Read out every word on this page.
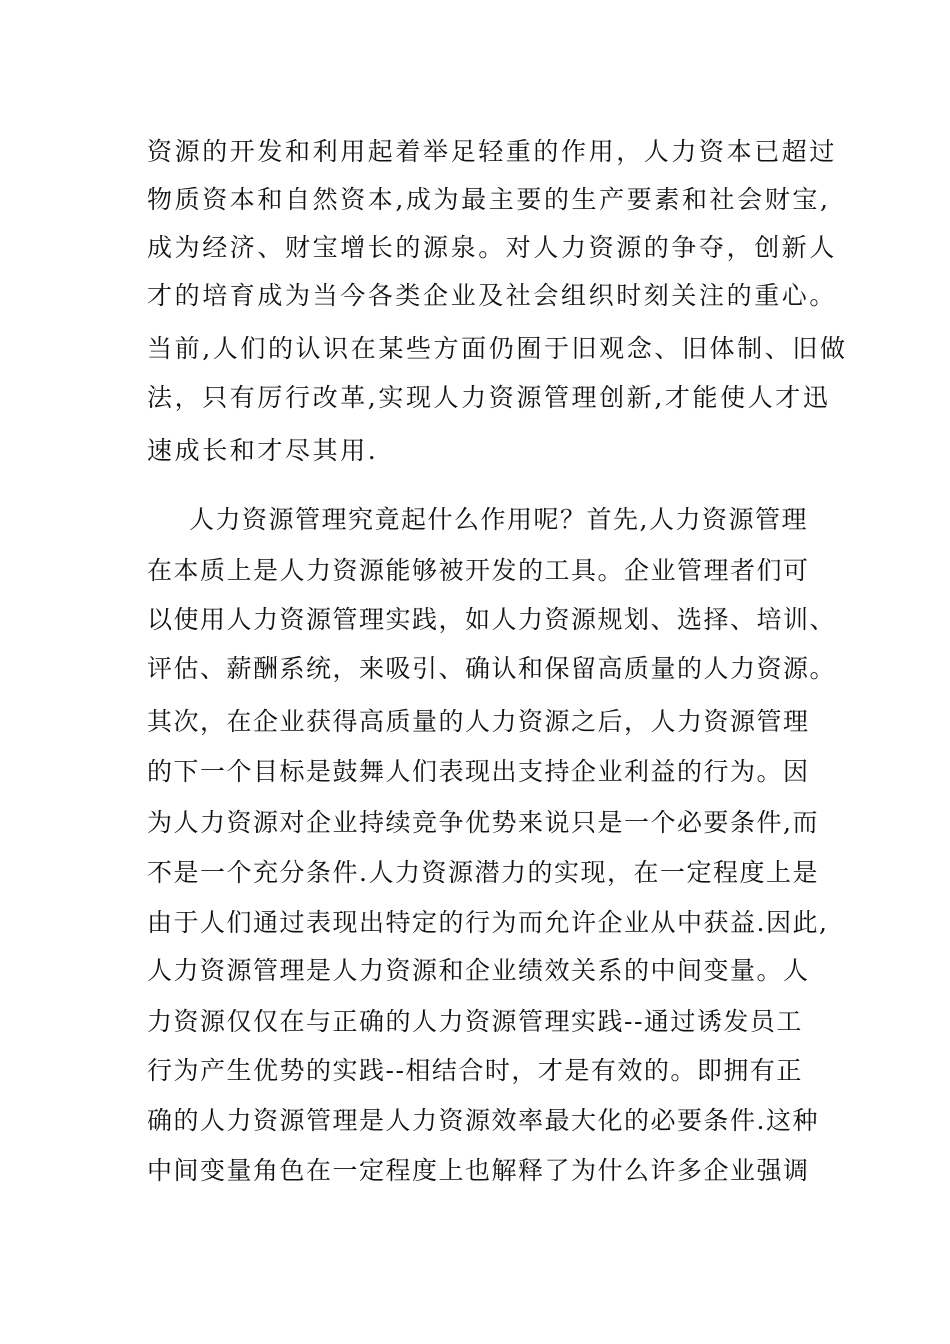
资源的开发和利用起着举足轻重的作用，人力资本已超过
物质资本和自然资本,成为最主要的生产要素和社会财宝,
成为经济、财宝增长的源泉。对人力资源的争夺，创新人
才的培育成为当今各类企业及社会组织时刻关注的重心。
当前,人们的认识在某些方面仍囿于旧观念、旧体制、旧做
法，只有厉行改革,实现人力资源管理创新,才能使人才迅
速成长和才尽其用.
人力资源管理究竟起什么作用呢？首先,人力资源管理
在本质上是人力资源能够被开发的工具。企业管理者们可
以使用人力资源管理实践，如人力资源规划、选择、培训、
评估、薪酬系统，来吸引、确认和保留高质量的人力资源。
其次，在企业获得高质量的人力资源之后，人力资源管理
的下一个目标是鼓舞人们表现出支持企业利益的行为。因
为人力资源对企业持续竞争优势来说只是一个必要条件,而
不是一个充分条件.人力资源潜力的实现，在一定程度上是
由于人们通过表现出特定的行为而允许企业从中获益.因此,
人力资源管理是人力资源和企业绩效关系的中间变量。人
力资源仅仅在与正确的人力资源管理实践--通过诱发员工
行为产生优势的实践--相结合时，才是有效的。即拥有正
确的人力资源管理是人力资源效率最大化的必要条件.这种
中间变量角色在一定程度上也解释了为什么许多企业强调
